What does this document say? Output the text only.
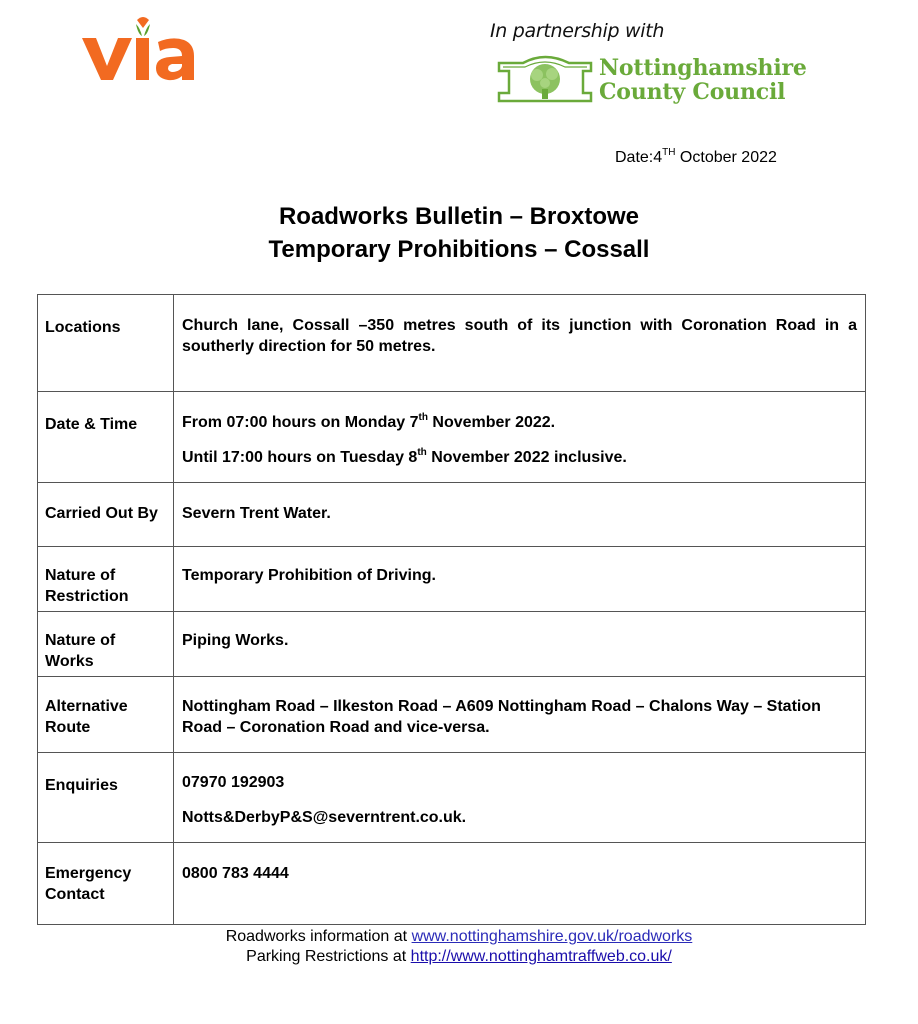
In partnership with
Nottinghamshire
County Council
Date:4TH October 2022
Roadworks Bulletin – Broxtowe
Temporary Prohibitions – Cossall
Locations	Church lane, Cossall –350 metres south of its junction with Coronation Road in a southerly direction for 50 metres.

Date & Time	From 07:00 hours on Monday 7th November 2022.

Until 17:00 hours on Tuesday 8th November 2022 inclusive.

Carried Out By	Severn Trent Water.

Nature of Restriction	Temporary Prohibition of Driving.

Nature of Works	Piping Works.

Alternative Route	Nottingham Road – Ilkeston Road – A609 Nottingham Road – Chalons Way – Station Road – Coronation Road and vice-versa.

Enquiries	07970 192903

Notts&DerbyP&S@severntrent.co.uk.

Emergency Contact	0800 783 4444

Roadworks information at www.nottinghamshire.gov.uk/roadworks
Parking Restrictions at http://www.nottinghamtraffweb.co.uk/
